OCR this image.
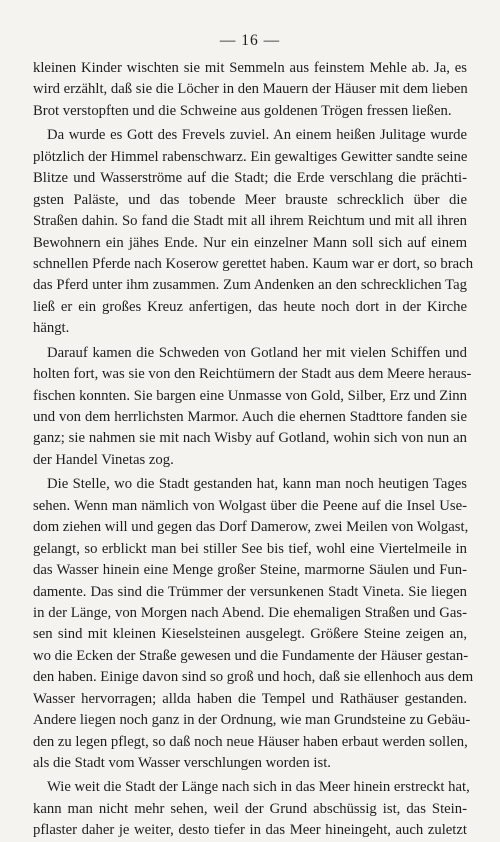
— 16 —
kleinen Kinder wischten sie mit Semmeln aus feinstem Mehle ab. Ja, es
wird erzählt, daß sie die Löcher in den Mauern der Häuser mit dem lieben
Brot verstopften und die Schweine aus goldenen Trögen fressen ließen.
Da wurde es Gott des Frevels zuviel. An einem heißen Julitage wurde
plötzlich der Himmel rabenschwarz. Ein gewaltiges Gewitter sandte seine
Blitze und Wasserströme auf die Stadt; die Erde verschlang die prächti-
gsten Paläste, und das tobende Meer brauste schrecklich über die
Straßen dahin. So fand die Stadt mit all ihrem Reichtum und mit all ihren
Bewohnern ein jähes Ende. Nur ein einzelner Mann soll sich auf einem
schnellen Pferde nach Koserow gerettet haben. Kaum war er dort, so brach
das Pferd unter ihm zusammen. Zum Andenken an den schrecklichen Tag
ließ er ein großes Kreuz anfertigen, das heute noch dort in der Kirche
hängt.
Darauf kamen die Schweden von Gotland her mit vielen Schiffen und
holten fort, was sie von den Reichtümern der Stadt aus dem Meere heraus-
fischen konnten. Sie bargen eine Unmasse von Gold, Silber, Erz und Zinn
und von dem herrlichsten Marmor. Auch die ehernen Stadttore fanden sie
ganz; sie nahmen sie mit nach Wisby auf Gotland, wohin sich von nun an
der Handel Vinetas zog.
Die Stelle, wo die Stadt gestanden hat, kann man noch heutigen Tages
sehen. Wenn man nämlich von Wolgast über die Peene auf die Insel Use-
dom ziehen will und gegen das Dorf Damerow, zwei Meilen von Wolgast,
gelangt, so erblickt man bei stiller See bis tief, wohl eine Viertelmeile in
das Wasser hinein eine Menge großer Steine, marmorne Säulen und Fun-
damente. Das sind die Trümmer der versunkenen Stadt Vineta. Sie liegen
in der Länge, von Morgen nach Abend. Die ehemaligen Straßen und Gas-
sen sind mit kleinen Kieselsteinen ausgelegt. Größere Steine zeigen an,
wo die Ecken der Straße gewesen und die Fundamente der Häuser gestan-
den haben. Einige davon sind so groß und hoch, daß sie ellenhoch aus dem
Wasser hervorragen; allda haben die Tempel und Rathäuser gestanden.
Andere liegen noch ganz in der Ordnung, wie man Grundsteine zu Gebäu-
den zu legen pflegt, so daß noch neue Häuser haben erbaut werden sollen,
als die Stadt vom Wasser verschlungen worden ist.
Wie weit die Stadt der Länge nach sich in das Meer hinein erstreckt hat,
kann man nicht mehr sehen, weil der Grund abschüssig ist, das Stein-
pflaster daher je weiter, desto tiefer in das Meer hineingeht, auch zuletzt
